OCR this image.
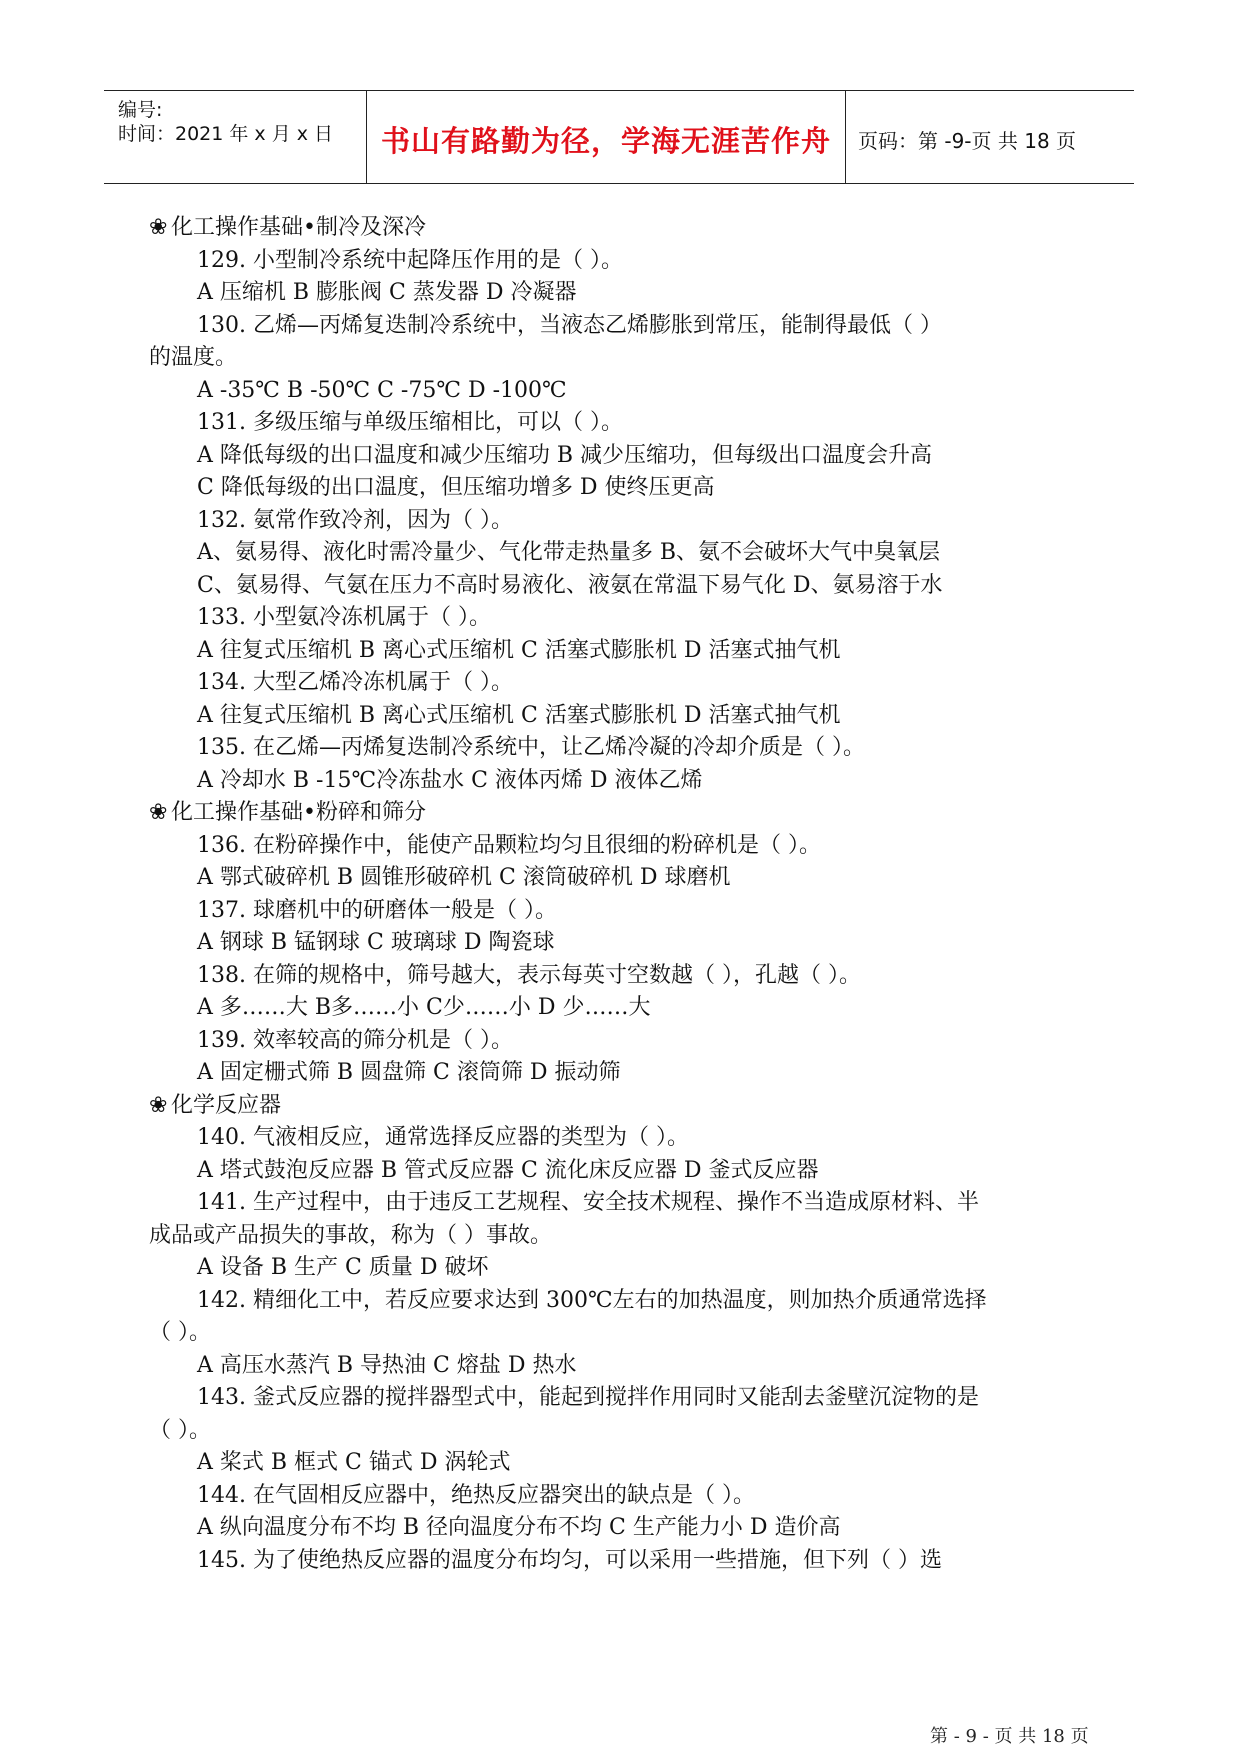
编号:
时间：2021 年 x 月 x 日	书山有路勤为径，学海无涯苦作舟	页码：第 -9-页 共 18 页
❀ 化工操作基础•制冷及深冷
129. 小型制冷系统中起降压作用的是（ ）。
A 压缩机 B 膨胀阀 C 蒸发器 D 冷凝器
130. 乙烯—丙烯复迭制冷系统中，当液态乙烯膨胀到常压，能制得最低（ ）
的温度。
A -35℃ B -50℃ C -75℃ D -100℃
131. 多级压缩与单级压缩相比，可以（ ）。
A 降低每级的出口温度和减少压缩功 B 减少压缩功，但每级出口温度会升高
C 降低每级的出口温度，但压缩功增多 D 使终压更高
132. 氨常作致冷剂，因为（ ）。
A、氨易得、液化时需冷量少、气化带走热量多 B、氨不会破坏大气中臭氧层
C、氨易得、气氨在压力不高时易液化、液氨在常温下易气化 D、氨易溶于水
133. 小型氨冷冻机属于（ ）。
A 往复式压缩机 B 离心式压缩机 C 活塞式膨胀机 D 活塞式抽气机
134. 大型乙烯冷冻机属于（ ）。
A 往复式压缩机 B 离心式压缩机 C 活塞式膨胀机 D 活塞式抽气机
135. 在乙烯—丙烯复迭制冷系统中，让乙烯冷凝的冷却介质是（ ）。
A 冷却水 B -15℃冷冻盐水 C 液体丙烯 D 液体乙烯
❀ 化工操作基础•粉碎和筛分
136. 在粉碎操作中，能使产品颗粒均匀且很细的粉碎机是（ ）。
A 鄂式破碎机 B 圆锥形破碎机 C 滚筒破碎机 D 球磨机
137. 球磨机中的研磨体一般是（ ）。
A 钢球 B 锰钢球 C 玻璃球 D 陶瓷球
138. 在筛的规格中，筛号越大，表示每英寸空数越（ ），孔越（ ）。
A 多……大 B多……小 C少……小 D 少……大
139. 效率较高的筛分机是（ ）。
A 固定栅式筛 B 圆盘筛 C 滚筒筛 D 振动筛
❀ 化学反应器
140. 气液相反应，通常选择反应器的类型为（ ）。
A 塔式鼓泡反应器 B 管式反应器 C 流化床反应器 D 釜式反应器
141. 生产过程中，由于违反工艺规程、安全技术规程、操作不当造成原材料、半
成品或产品损失的事故，称为（ ）事故。
A 设备 B 生产 C 质量 D 破坏
142. 精细化工中，若反应要求达到 300℃左右的加热温度，则加热介质通常选择
（ ）。
A 高压水蒸汽 B 导热油 C 熔盐 D 热水
143. 釜式反应器的搅拌器型式中，能起到搅拌作用同时又能刮去釜壁沉淀物的是
（ ）。
A 桨式 B 框式 C 锚式 D 涡轮式
144. 在气固相反应器中，绝热反应器突出的缺点是（ ）。
A 纵向温度分布不均 B 径向温度分布不均 C 生产能力小 D 造价高
145. 为了使绝热反应器的温度分布均匀，可以采用一些措施，但下列（ ）选
第 - 9 - 页 共 18 页
